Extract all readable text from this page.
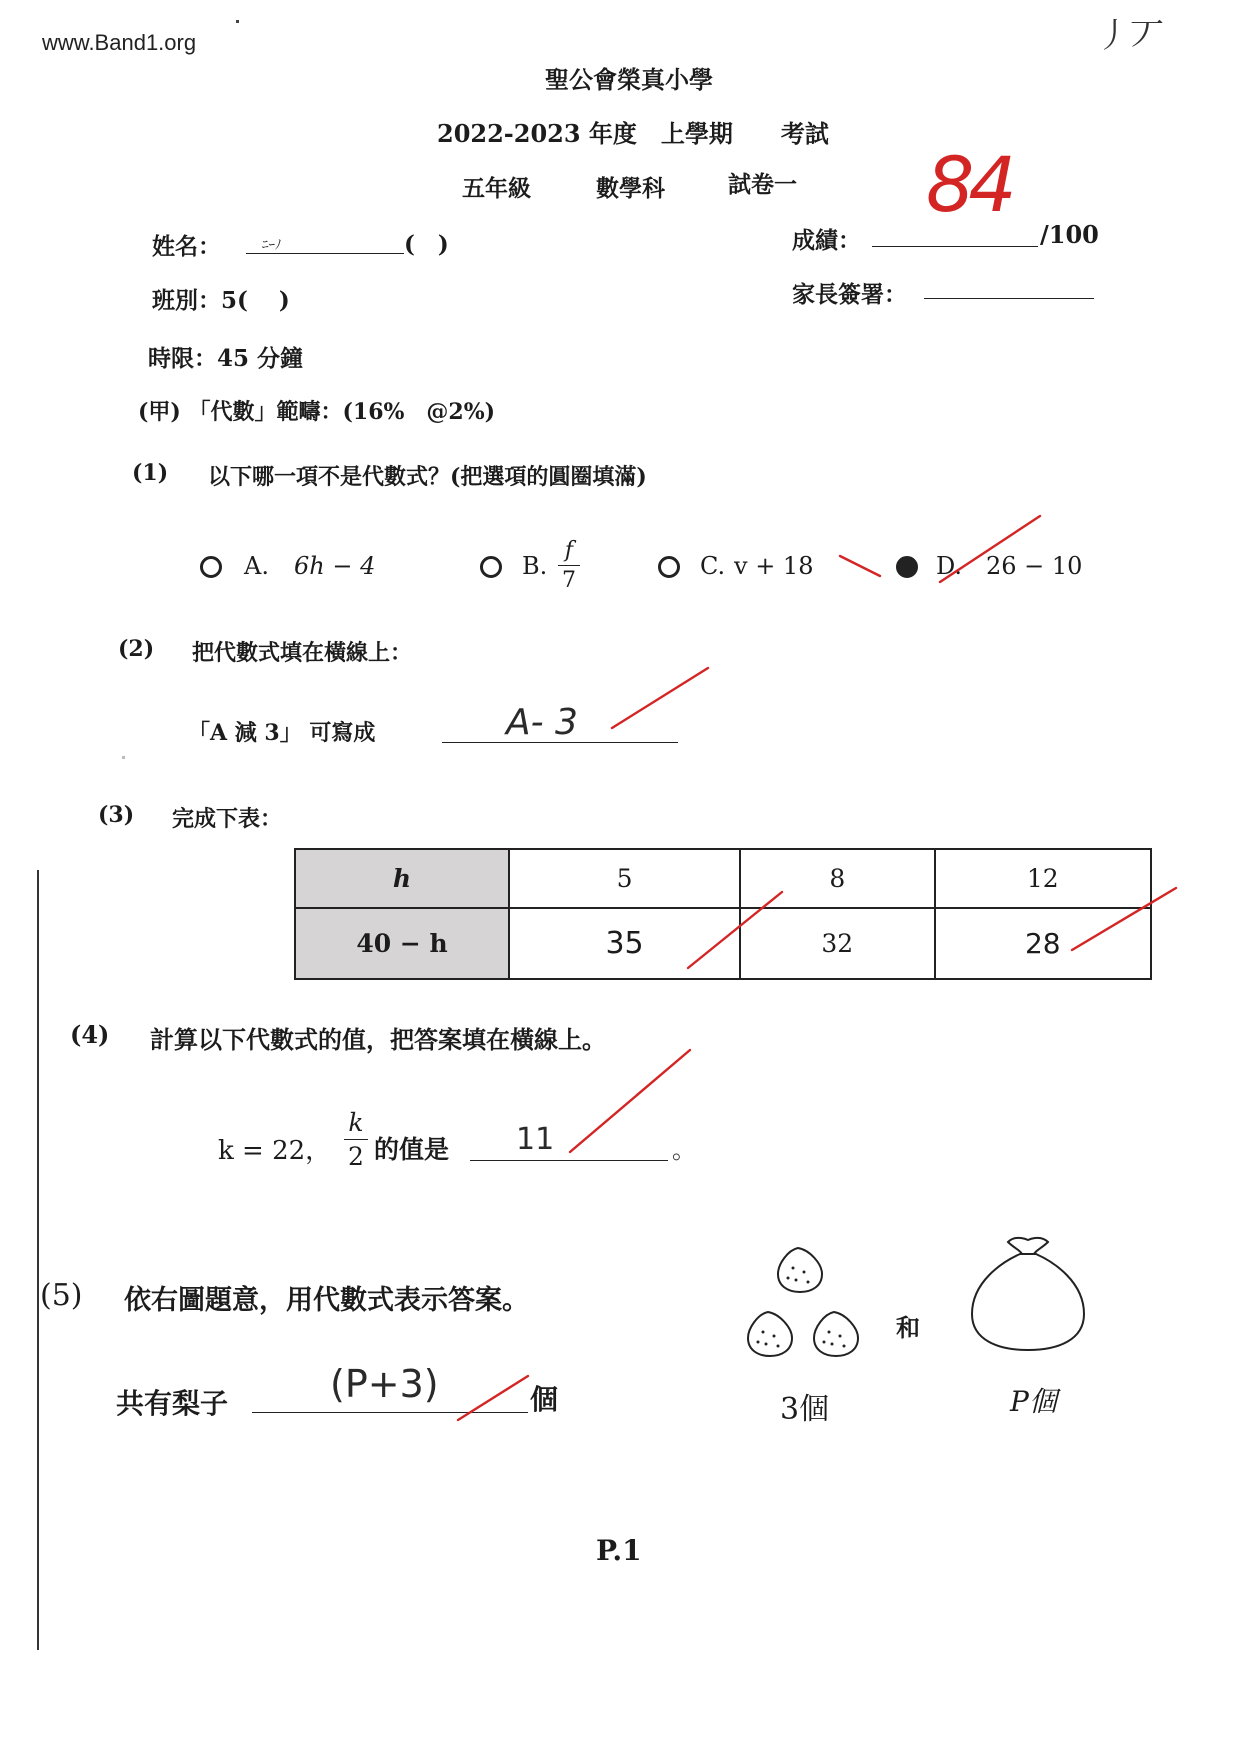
www.Band1.org	丿丆
聖公會榮真小學
2022-2023 年度　上學期　　考試
五年級	數學科	試卷一
姓名：	ﾆｰﾉ	(　)
班別：5(　 )
時限：45 分鐘
成績：	/100
84
家長簽署：
(甲) 「代數」範疇：(16%　@2%)
(1) 以下哪一項不是代數式？(把選項的圓圈填滿)
A. 6h − 4	B.
f
7
C. v + 18	D. 26 − 10
(2) 把代數式填在橫線上：
「A 減 3」 可寫成	A- 3
(3) 完成下表：
h	5	8	12
40 − h	35	32	28
(4) 計算以下代數式的值，把答案填在橫線上。
k = 22，
k
2 的值是 11	。
(5) 依右圖題意，用代數式表示答案。
共有梨子	(P+3)	個	3個
和
P個
P.1
